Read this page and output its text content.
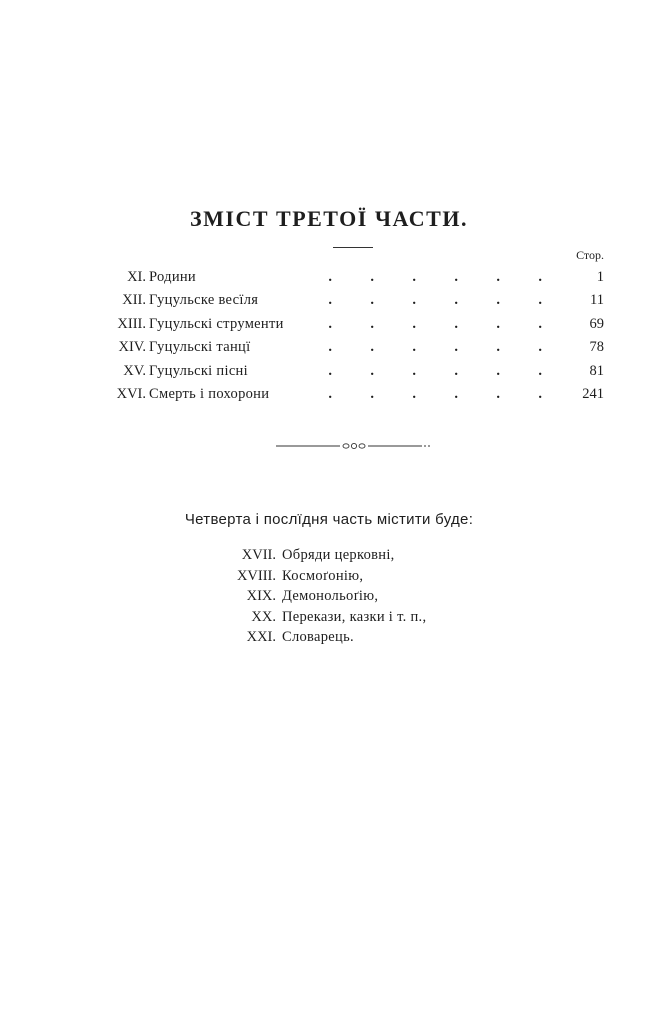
ЗМІСТ ТРЕТОЇ ЧАСТИ.
Стор.
XI. Родини	.	.	.	.	.	.	1
XII. Гуцульске весїля	.	.	.	.	.	.	11
XIII. Гуцульскі струменти	.	.	.	.	.	.	69
XIV. Гуцульскі танцї	.	.	.	.	.	.	78
XV. Гуцульскі пісні	.	.	.	.	.	.	81
XVI. Смерть і похорони	.	.	.	.	.	.	241
Четверта і послїдня часть містити буде:
XVII. Обряди церковні,
XVIII. Космоґонію,
XIX. Демонольоґію,
XX. Перекази, казки і т. п.,
XXI. Словарець.
